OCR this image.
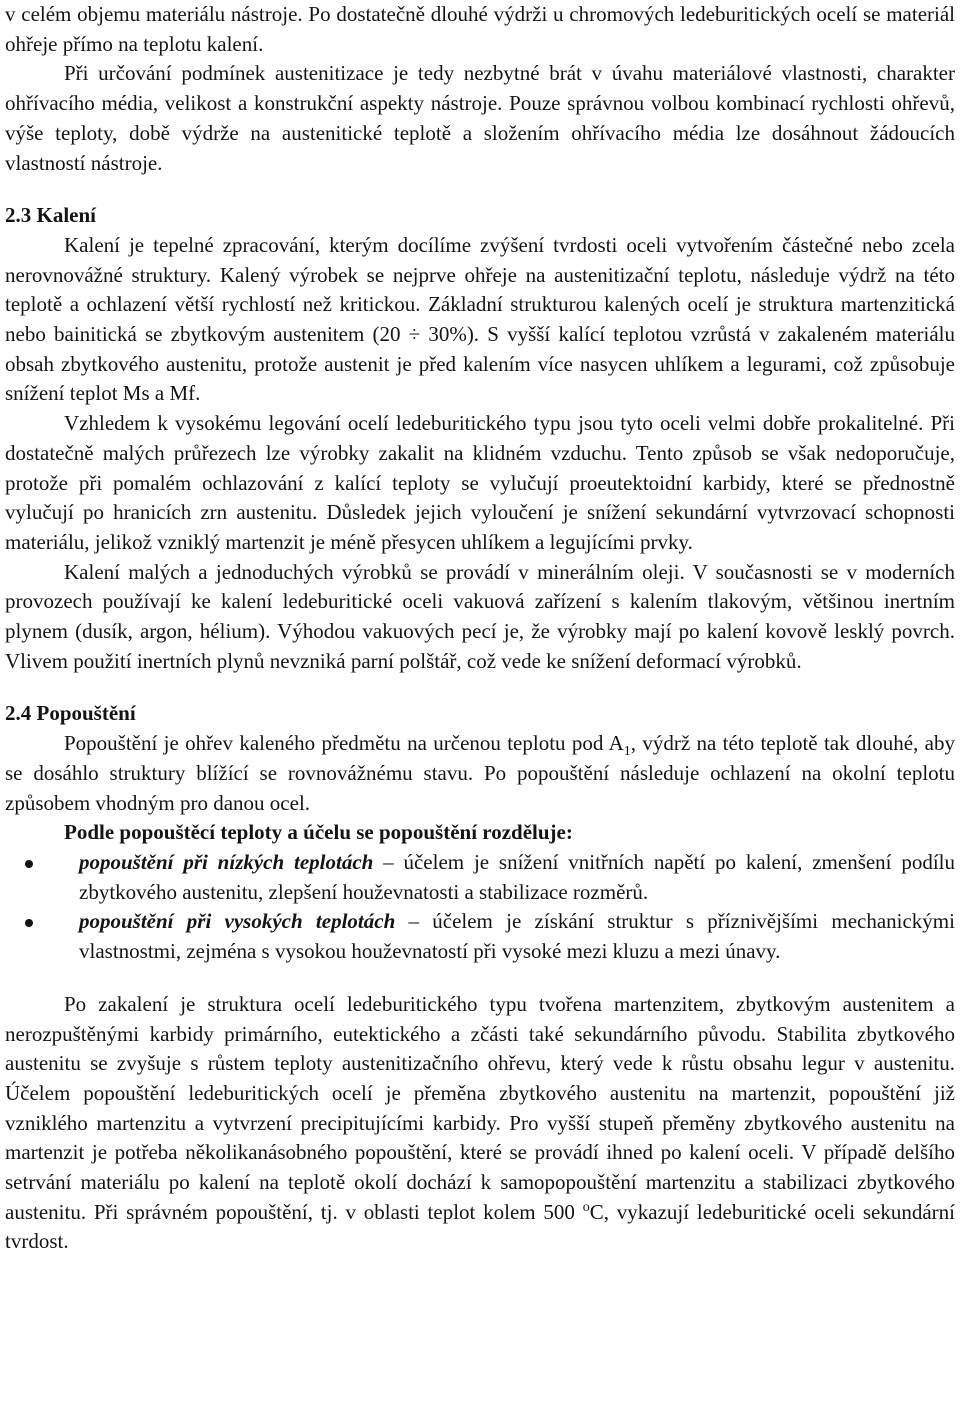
v celém objemu materiálu nástroje. Po dostatečně dlouhé výdrži u chromových ledeburitických ocelí se materiál ohřeje přímo na teplotu kalení.

Při určování podmínek austenitizace je tedy nezbytné brát v úvahu materiálové vlastnosti, charakter ohřívacího média, velikost a konstrukční aspekty nástroje. Pouze správnou volbou kombinací rychlosti ohřevů, výše teploty, době výdrže na austenitické teplotě a složením ohřívacího média lze dosáhnout žádoucích vlastností nástroje.

2.3 Kalení

Kalení je tepelné zpracování, kterým docílíme zvýšení tvrdosti oceli vytvořením částečné nebo zcela nerovnovážné struktury. Kalený výrobek se nejprve ohřeje na austenitizační teplotu, následuje výdrž na této teplotě a ochlazení větší rychlostí než kritickou. Základní strukturou kalených ocelí je struktura martenzitická nebo bainitická se zbytkovým austenitem (20 ÷ 30%). S vyšší kalící teplotou vzrůstá v zakaleném materiálu obsah zbytkového austenitu, protože austenit je před kalením více nasycen uhlíkem a legurami, což způsobuje snížení teplot Ms a Mf.

Vzhledem k vysokému legování ocelí ledeburitického typu jsou tyto oceli velmi dobře prokalitelné. Při dostatečně malých průřezech lze výrobky zakalit na klidném vzduchu. Tento způsob se však nedoporučuje, protože při pomalém ochlazování z kalící teploty se vylučují proeutektoidní karbidy, které se přednostně vylučují po hranicích zrn austenitu. Důsledek jejich vyloučení je snížení sekundární vytvrzovací schopnosti materiálu, jelikož vzniklý martenzit je méně přesycen uhlíkem a legujícími prvky.

Kalení malých a jednoduchých výrobků se provádí v minerálním oleji. V současnosti se v moderních provozech používají ke kalení ledeburitické oceli vakuová zařízení s kalením tlakovým, většinou inertním plynem (dusík, argon, hélium). Výhodou vakuových pecí je, že výrobky mají po kalení kovově lesklý povrch. Vlivem použití inertních plynů nevzniká parní polštář, což vede ke snížení deformací výrobků.

2.4 Popouštění

Popouštění je ohřev kaleného předmětu na určenou teplotu pod $A_1$, výdrž na této teplotě tak dlouhé, aby se dosáhlo struktury blížící se rovnovážnému stavu. Po popouštění následuje ochlazení na okolní teplotu způsobem vhodným pro danou ocel.

Podle popouštěcí teploty a účelu se popouštění rozděluje:

popouštění při nízkých teplotách – účelem je snížení vnitřních napětí po kalení, zmenšení podílu zbytkového austenitu, zlepšení houževnatosti a stabilizace rozměrů.
popouštění při vysokých teplotách – účelem je získání struktur s příznivějšími mechanickými vlastnostmi, zejména s vysokou houževnatostí při vysoké mezi kluzu a mezi únavy.

Po zakalení je struktura ocelí ledeburitického typu tvořena martenzitem, zbytkovým austenitem a nerozpuštěnými karbidy primárního, eutektického a zčásti také sekundárního původu. Stabilita zbytkového austenitu se zvyšuje s růstem teploty austenitizačního ohřevu, který vede k růstu obsahu legur v austenitu. Účelem popouštění ledeburitických ocelí je přeměna zbytkového austenitu na martenzit, popouštění již vzniklého martenzitu a vytvrzení precipitujícími karbidy. Pro vyšší stupeň přeměny zbytkového austenitu na martenzit je potřeba několikanásobného popouštění, které se provádí ihned po kalení oceli. V případě delšího setrvání materiálu po kalení na teplotě okolí dochází k samopopouštění martenzitu a stabilizaci zbytkového austenitu. Při správném popouštění, tj. v oblasti teplot kolem 500 $^o$C, vykazují ledeburitické oceli sekundární tvrdost.
